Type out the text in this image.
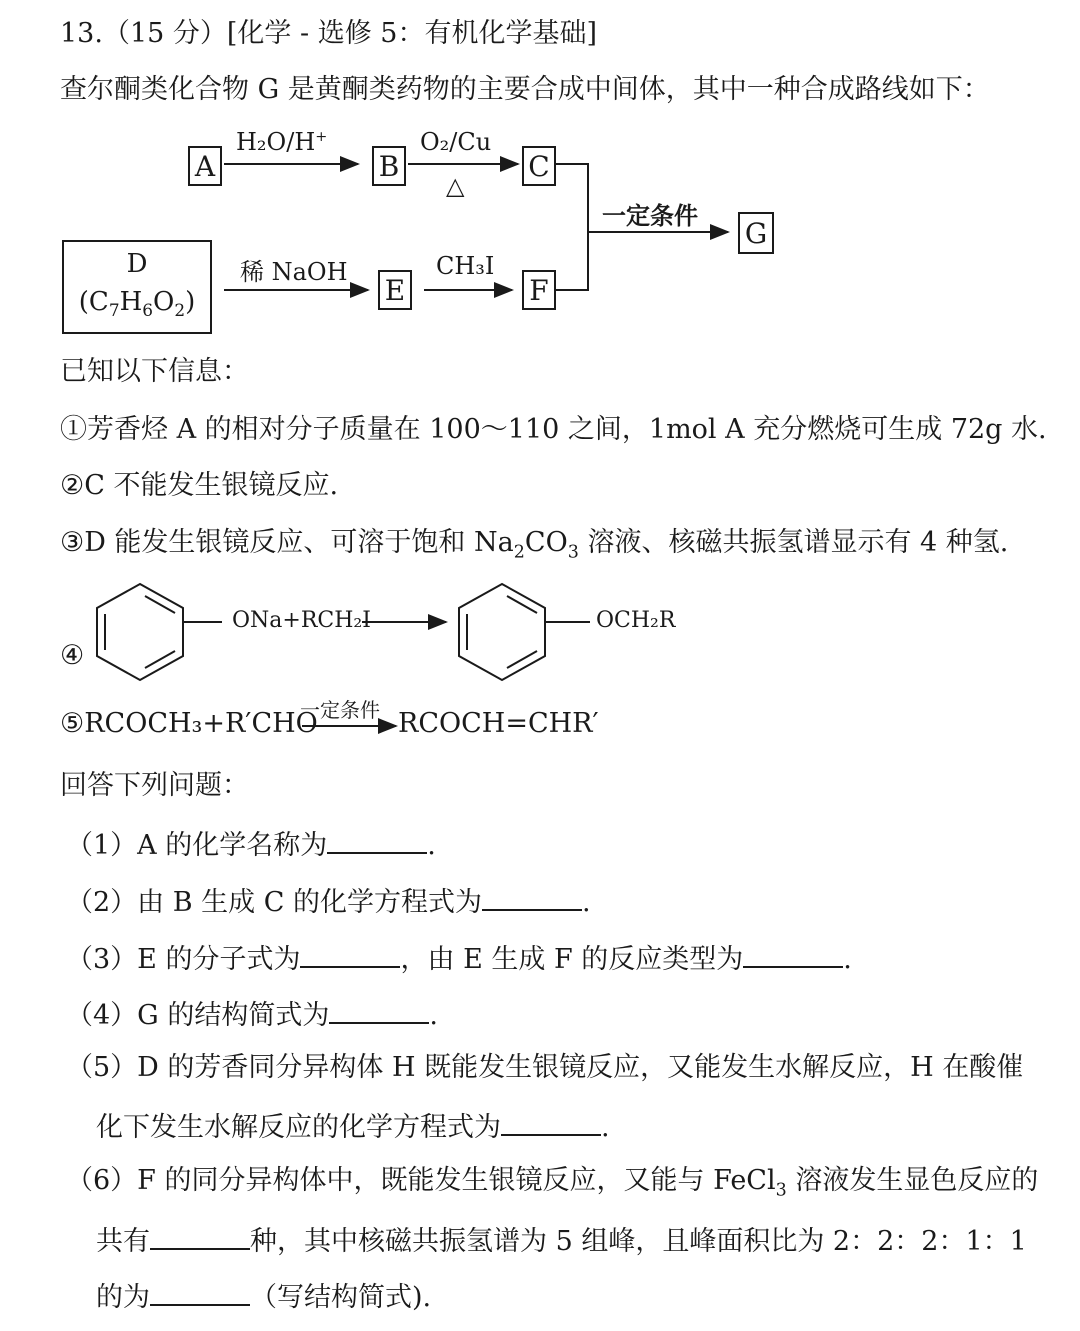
13.（15 分）[化学 - 选修 5：有机化学基础]
查尔酮类化合物 G 是黄酮类药物的主要合成中间体，其中一种合成路线如下：
A	B	C
G
E	F
D
$(C_7H_6O_2)$
H₂O/H+	O₂/Cu
△
稀 NaOH	CH₃I
一定条件
已知以下信息：
①芳香烃 A 的相对分子质量在 100～110 之间，1mol A 充分燃烧可生成 72g 水.
②C 不能发生银镜反应.
③D 能发生银镜反应、可溶于饱和 $Na_2CO_3$ 溶液、核磁共振氢谱显示有 4 种氢.
④
ONa+RCH₂I	OCH₂R
⑤RCOCH₃+R′CHO
一定条件 RCOCH=CHR′
回答下列问题：
（1）A 的化学名称为	.
（2）由 B 生成 C 的化学方程式为	.
（3）E 的分子式为	，由 E 生成 F 的反应类型为	.
（4）G 的结构简式为	.
（5）D 的芳香同分异构体 H 既能发生银镜反应，又能发生水解反应，H 在酸催
化下发生水解反应的化学方程式为	.
（6）F 的同分异构体中，既能发生银镜反应，又能与 FeCl$_3$ 溶液发生显色反应的
共有	种，其中核磁共振氢谱为 5 组峰，且峰面积比为 2：2：2：1：1
的为	（写结构简式).
